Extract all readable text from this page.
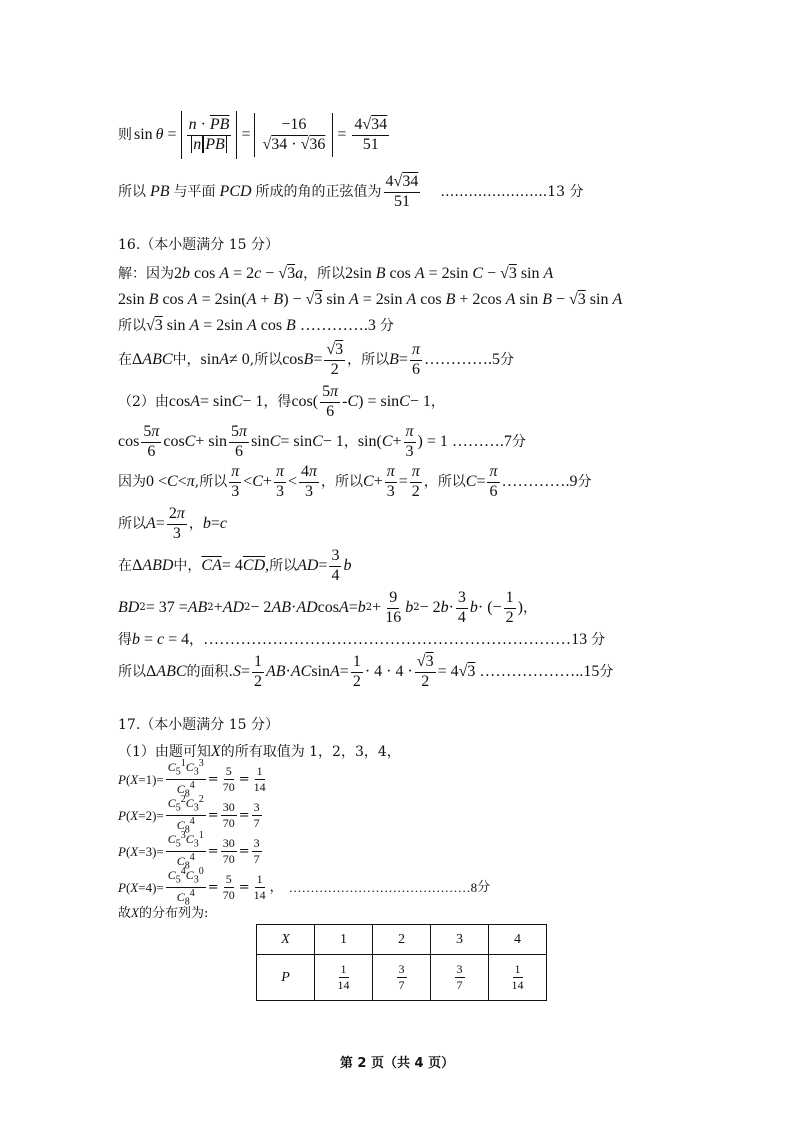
则 $\sin \theta = \frac{n \cdot \overline{PB}}{\text{n PB}} = \frac{-16}{√34 \cdot √36} = \frac{4√34}{51}$
所以 PB 与平面 PCD 所成的角的正弦值为 $\frac{4√34}{51}$ …………………..13 分
16.（本小题满分 15 分）
解：因为2b cos A = 2c − √3a，所以2sin B cos A = 2sin C − √3 sin A
2sin B cos A = 2sin(A + B) − √3 sin A = 2sin A cos B + 2cos A sin B − √3 sin A
所以√3 sin A = 2sin A cos B ………….3 分
在 Δ ABC 中， sin A ≠ 0 ,所以 $\cos B = \frac{√3}{2}$ ，所以 $B = \frac{\pi}{6}$ ………….5 分
（2）由 cos A = sin C − 1 ，得 $\cos( \frac{5\pi}{6}$ - C ) = sin C − 1 ，
$\cos \frac{5\pi}{6}$ $\cos C + \sin \frac{5\pi}{6}$ sin C = sin C − 1 ， sin( $C + \frac{\pi}{3}$ ) = 1 ……….7 分
因为 0 < C < π ,所以 $\frac{\pi}{3} < C + \frac{\pi}{3} < \frac{4\pi}{3}$ ，所以 $C + \frac{\pi}{3} = \frac{\pi}{2}$ ，所以 $C = \frac{\pi}{6}$ ………….9 分
所以 $A = \frac{2\pi}{3}$ ， b = c
在 Δ ABD 中， $\overline{CA} = 4$ $\overline{CD}$ , 所以 AD = $\frac{3}{4}$ b
BD 2 = 37 = AB 2 + AD 2 − 2 AB · AD cos A = b $2 + \frac{9}{16}$ b 2 − 2 $b \cdot \frac{3}{4}$ b · (− $\frac{1}{2}$ ) ，
得b = c = 4，……………………………………………………………13 分
所以 Δ ABC 的面积. $S = \frac{1}{2}$ AB · AC $\sin A = \frac{1}{2} \cdot 4 \cdot 4 \cdot \frac{√3}{2} = 4√3$ ………………..15 分
17.（本小题满分 15 分）
（1）由题可知X的所有取值为 1，2，3，4，
P ( $X =1)= \frac{C_5^1C_3^3}{C_8^4} = \frac{5}{70} = \frac{1}{14}$
P ( $X =2)= \frac{C_5^2C_3^2}{C_8^4} = \frac{30}{70} = \frac{3}{7}$
P ( $X =3)= \frac{C_5^3C_3^1}{C_8^4} = \frac{30}{70} = \frac{3}{7}$
P ( $X =4)= \frac{C_5^4C_3^0}{C_8^4} = \frac{5}{70} = \frac{1}{14}$ ， ……………………………………8 分
故X的分布列为:
X	1	2	3	4
P	$\frac{1}{14}$	$\frac{3}{7}$	$\frac{3}{7}$	$\frac{1}{14}$
第 2 页（共 4 页）
